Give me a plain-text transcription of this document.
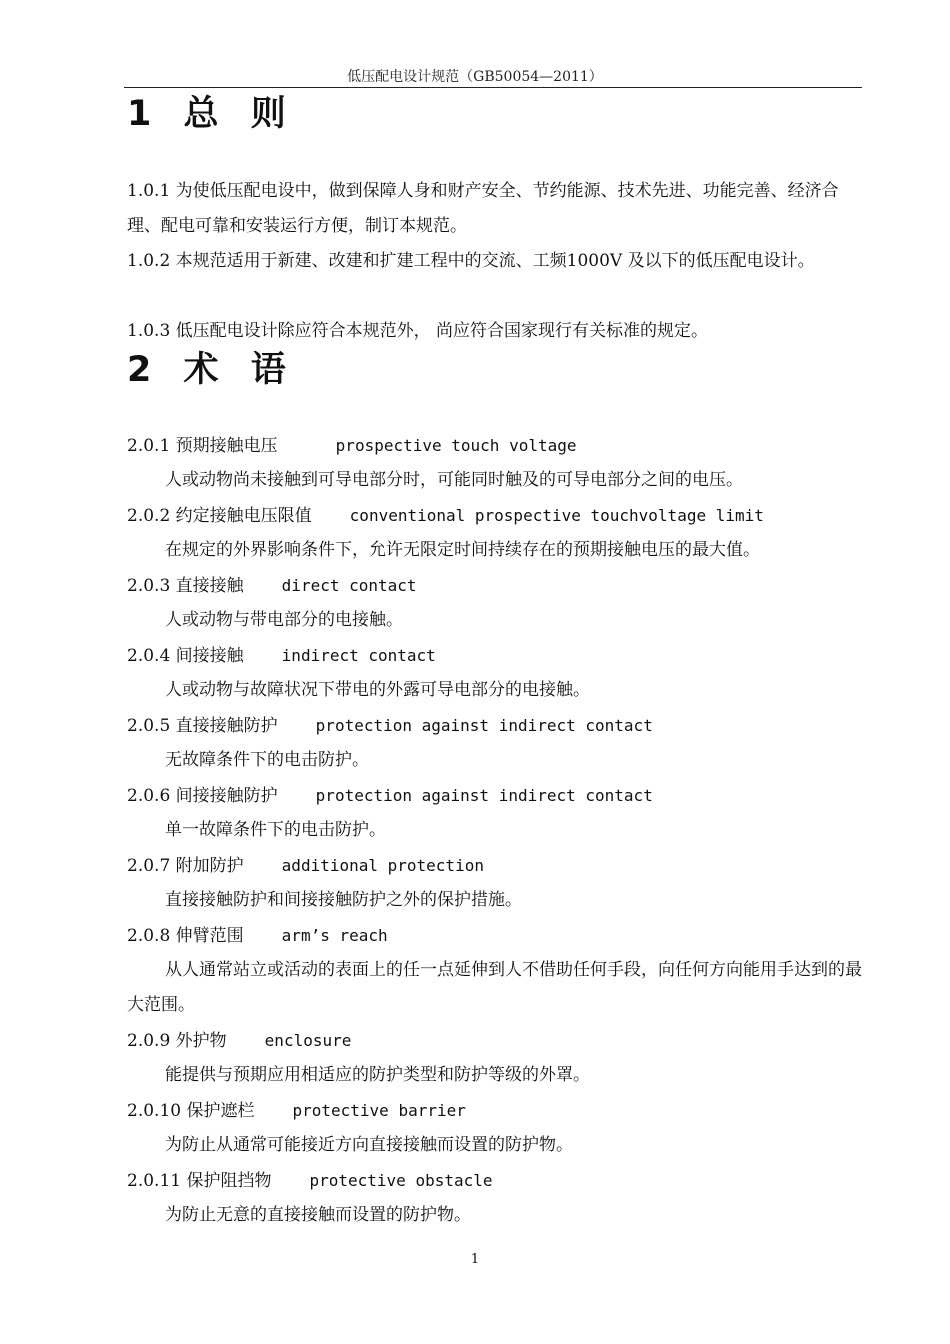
低压配电设计规范（GB50054—2011）
1 总 则
1.0.1 为使低压配电设中，做到保障人身和财产安全、节约能源、技术先进、功能完善、经济合理、配电可靠和安装运行方便，制订本规范。
1.0.2 本规范适用于新建、改建和扩建工程中的交流、工频1000V 及以下的低压配电设计。
1.0.3 低压配电设计除应符合本规范外， 尚应符合国家现行有关标准的规定。
2 术 语
2.0.1 预期接触电压	prospective touch voltage
人或动物尚未接触到可导电部分时，可能同时触及的可导电部分之间的电压。
2.0.2 约定接触电压限值 conventional prospective touchvoltage limit
在规定的外界影响条件下，允许无限定时间持续存在的预期接触电压的最大值。
2.0.3 直接接触 direct contact
人或动物与带电部分的电接触。
2.0.4 间接接触 indirect contact
人或动物与故障状况下带电的外露可导电部分的电接触。
2.0.5 直接接触防护 protection against indirect contact
无故障条件下的电击防护。
2.0.6 间接接触防护 protection against indirect contact
单一故障条件下的电击防护。
2.0.7 附加防护 additional protection
直接接触防护和间接接触防护之外的保护措施。
2.0.8 伸臂范围 arm’s reach
从人通常站立或活动的表面上的任一点延伸到人不借助任何手段，向任何方向能用手达到的最大范围。
2.0.9 外护物 enclosure
能提供与预期应用相适应的防护类型和防护等级的外罩。
2.0.10 保护遮栏 protective barrier
为防止从通常可能接近方向直接接触而设置的防护物。
2.0.11 保护阻挡物 protective obstacle
为防止无意的直接接触而设置的防护物。
1
